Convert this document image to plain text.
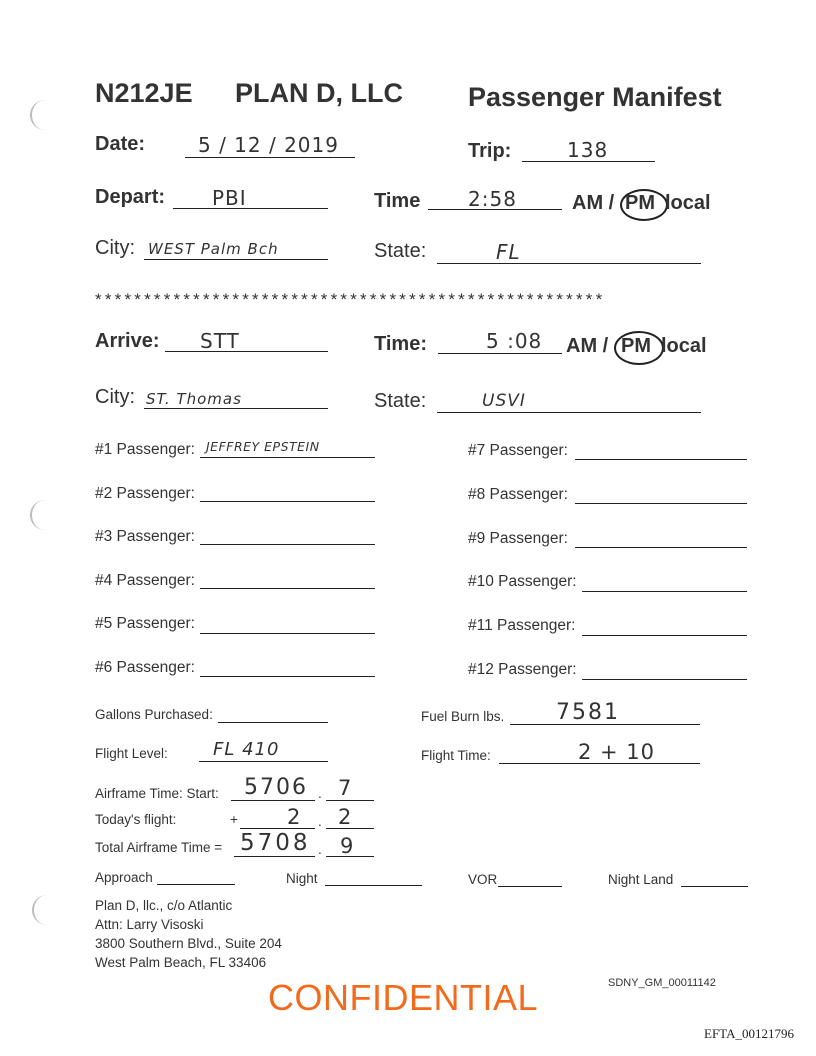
N212JE PLAN D, LLC Passenger Manifest
Date:	5 / 12 / 2019	Trip:	138
Depart: PBI	Time 2:58	AM / PM local
City: WEST Palm Bch	State:	FL
****************************************************
Arrive: STT	Time:	5 :08 AM / PM local
City: ST. Thomas	State:	USVI
#1 Passenger: JEFFREY EPSTEIN
#2 Passenger:
#3 Passenger:
#4 Passenger:
#5 Passenger:
#6 Passenger:
#7 Passenger:
#8 Passenger:
#9 Passenger:
#10 Passenger:
#11 Passenger:
#12 Passenger:
Gallons Purchased:	Fuel Burn lbs. 7581
Flight Level:	FL 410	Flight Time:	2 + 10
Airframe Time: Start: 5706 . 7
Today's flight:	+ 2 . 2
Total Airframe Time = 5708 . 9
Approach	Night	VOR	Night Land
Plan D, llc., c/o Atlantic
Attn: Larry Visoski
3800 Southern Blvd., Suite 204
West Palm Beach, FL 33406
CONFIDENTIAL	SDNY_GM_00011142
EFTA_00121796
